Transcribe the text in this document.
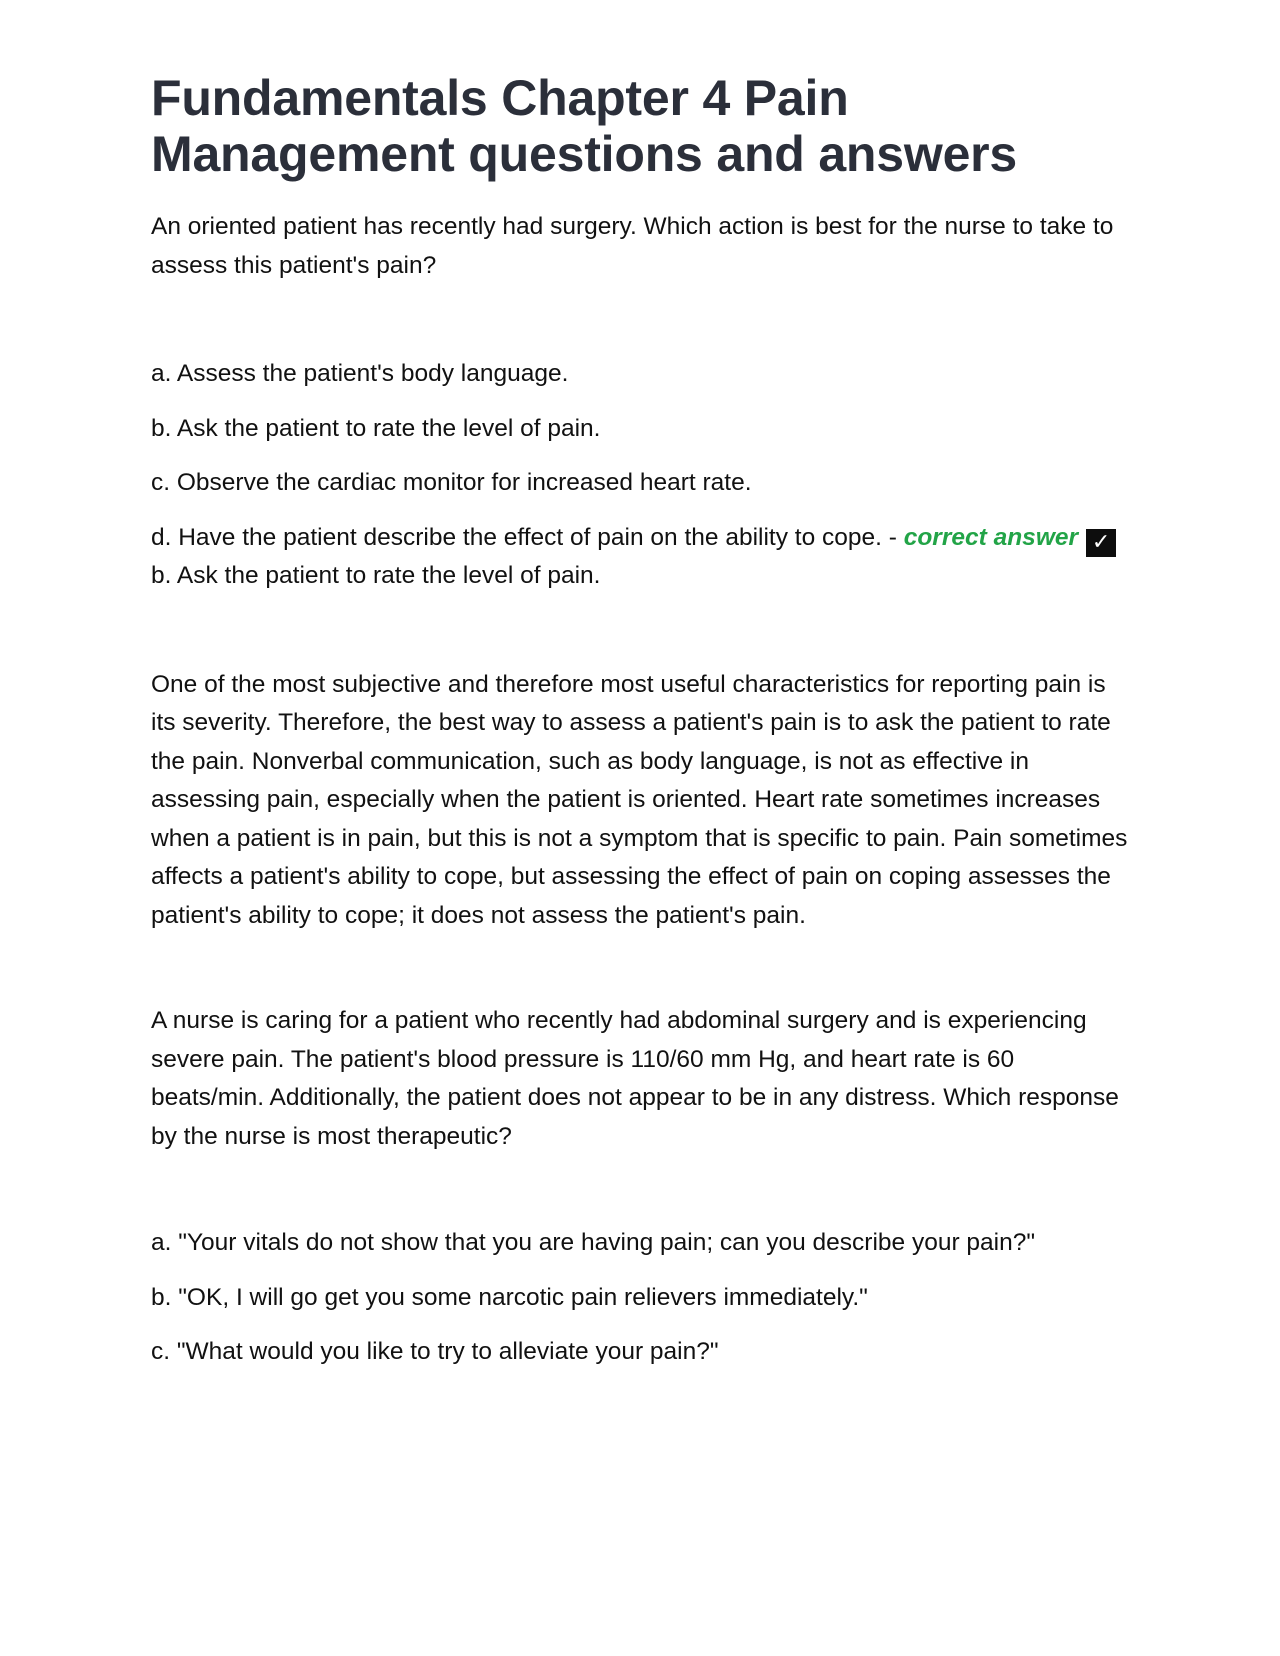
Fundamentals Chapter 4 Pain Management questions and answers

An oriented patient has recently had surgery. Which action is best for the nurse to take to assess this patient's pain?

a. Assess the patient's body language.

b. Ask the patient to rate the level of pain.

c. Observe the cardiac monitor for increased heart rate.

d. Have the patient describe the effect of pain on the ability to cope. - correct answer ✓b. Ask the patient to rate the level of pain.

One of the most subjective and therefore most useful characteristics for reporting pain is its severity. Therefore, the best way to assess a patient's pain is to ask the patient to rate the pain. Nonverbal communication, such as body language, is not as effective in assessing pain, especially when the patient is oriented. Heart rate sometimes increases when a patient is in pain, but this is not a symptom that is specific to pain. Pain sometimes affects a patient's ability to cope, but assessing the effect of pain on coping assesses the patient's ability to cope; it does not assess the patient's pain.

A nurse is caring for a patient who recently had abdominal surgery and is experiencing severe pain. The patient's blood pressure is 110/60 mm Hg, and heart rate is 60 beats/min. Additionally, the patient does not appear to be in any distress. Which response by the nurse is most therapeutic?

a. "Your vitals do not show that you are having pain; can you describe your pain?"

b. "OK, I will go get you some narcotic pain relievers immediately."

c. "What would you like to try to alleviate your pain?"
